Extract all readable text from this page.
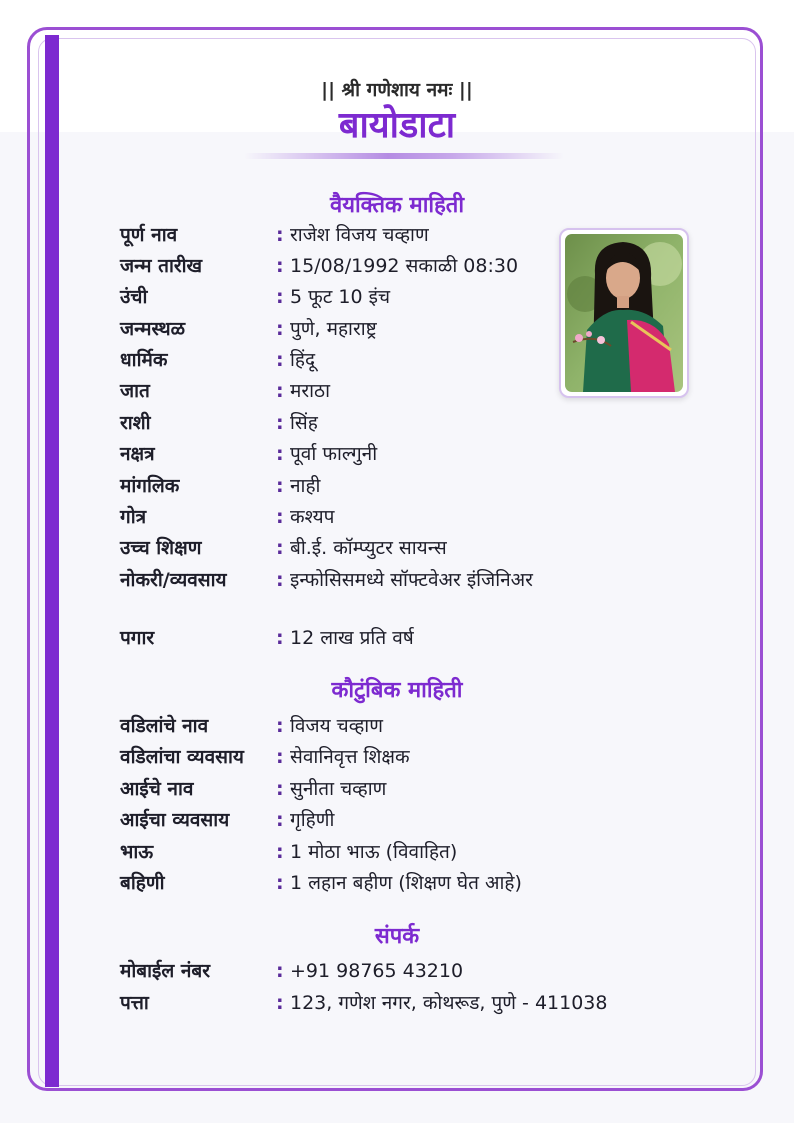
|| श्री गणेशाय नमः ||
बायोडाटा
वैयक्तिक माहिती
पूर्ण नाव	: राजेश विजय चव्हाण
जन्म तारीख	: 15/08/1992 सकाळी 08:30
उंची	: 5 फूट 10 इंच
जन्मस्थळ	: पुणे, महाराष्ट्र
धार्मिक	: हिंदू
जात	: मराठा
राशी	: सिंह
नक्षत्र	: पूर्वा फाल्गुनी
मांगलिक	: नाही
गोत्र	: कश्यप
उच्च शिक्षण	: बी.ई. कॉम्प्युटर सायन्स
नोकरी/व्यवसाय	: इन्फोसिसमध्ये सॉफ्टवेअर इंजिनिअर
पगार	: 12 लाख प्रति वर्ष
कौटुंबिक माहिती
वडिलांचे नाव	: विजय चव्हाण
वडिलांचा व्यवसाय	: सेवानिवृत्त शिक्षक
आईचे नाव	: सुनीता चव्हाण
आईचा व्यवसाय	: गृहिणी
भाऊ	: 1 मोठा भाऊ (विवाहित)
बहिणी	: 1 लहान बहीण (शिक्षण घेत आहे)
संपर्क
मोबाईल नंबर	: +91 98765 43210
पत्ता	: 123, गणेश नगर, कोथरूड, पुणे - 411038
